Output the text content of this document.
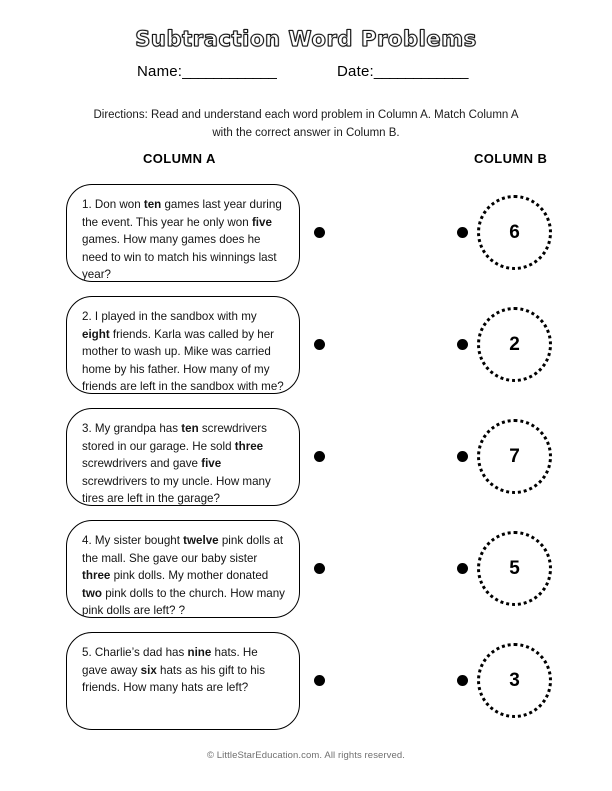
Subtraction Word Problems
Name:____________	Date:____________
Directions: Read and understand each word problem in Column A. Match Column A with the correct answer in Column B.
COLUMN A	COLUMN B
1. Don won ten games last year during the event. This year he only won five games. How many games does he need to win to match his winnings last year?
6
2. I played in the sandbox with my eight friends. Karla was called by her mother to wash up. Mike was carried home by his father. How many of my friends are left in the sandbox with me?
2
3. My grandpa has ten screwdrivers stored in our garage. He sold three screwdrivers and gave five screwdrivers to my uncle. How many tires are left in the garage?
7
4. My sister bought twelve pink dolls at the mall. She gave our baby sister three pink dolls. My mother donated two pink dolls to the church. How many pink dolls are left? ?
5
5. Charlie’s dad has nine hats. He gave away six hats as his gift to his friends. How many hats are left?	3
© LittleStarEducation.com. All rights reserved.
